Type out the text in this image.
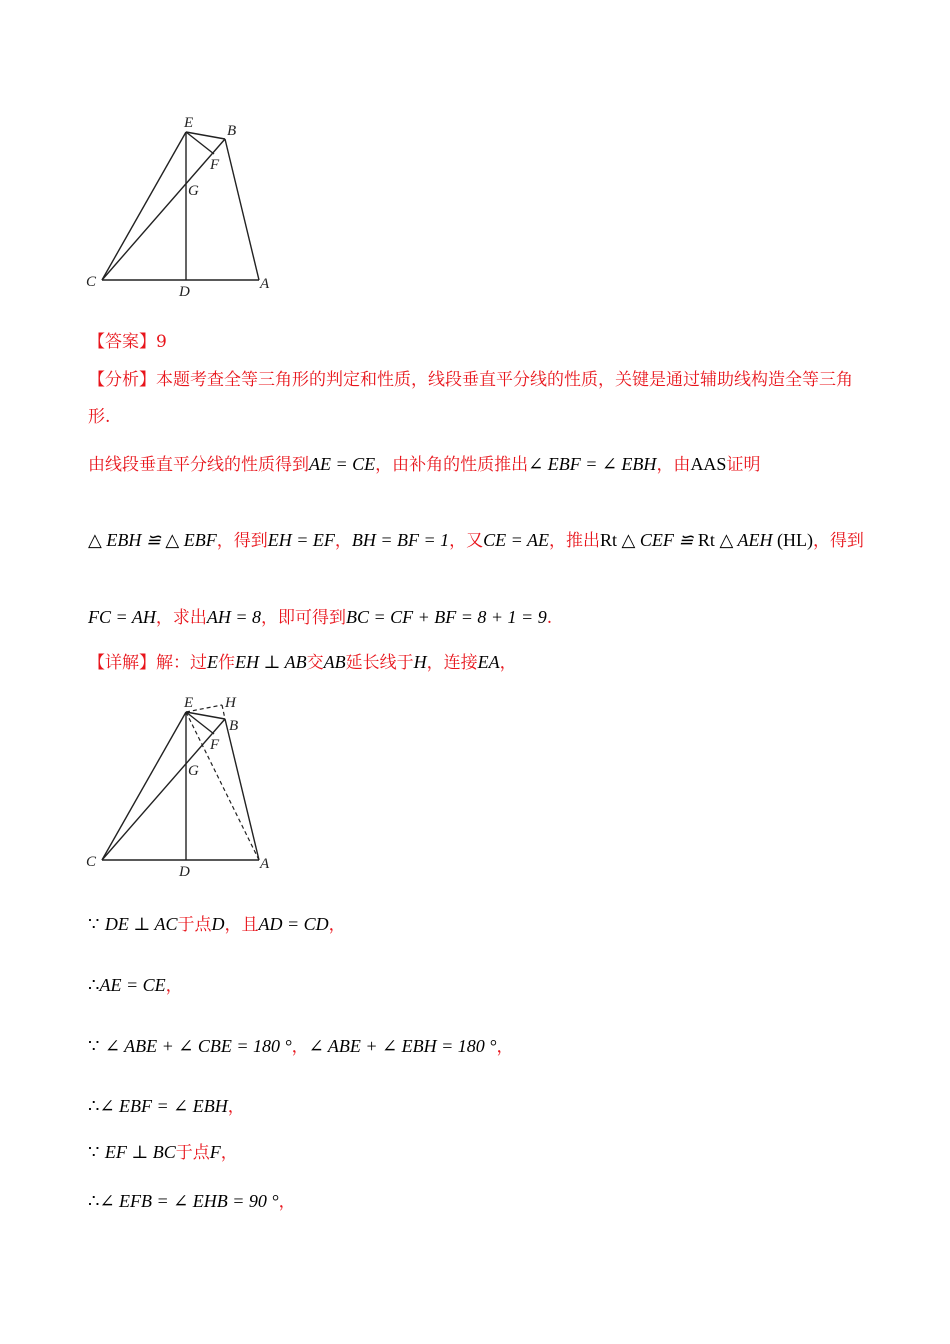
E B
F
G
C
D	A
【答案】9
【分析】本题考查全等三角形的判定和性质，线段垂直平分线的性质，关键是通过辅助线构造全等三角形.
由线段垂直平分线的性质得到AE = CE，由补角的性质推出∠ EBF = ∠ EBH，由AAS证明
△ EBH ≌ △ EBF，得到EH = EF，BH = BF = 1，又CE = AE，推出Rt △ CEF ≌ Rt △ AEH (HL)，得到
FC = AH，求出AH = 8，即可得到BC = CF + BF = 8 + 1 = 9.
【详解】解：过E作EH ⊥ AB交AB延长线于H，连接EA，
E H
B
F
G
C
D	A
∵ DE ⊥ AC于点D，且AD = CD，
∴AE = CE，
∵ ∠ ABE + ∠ CBE = 180 °，∠ ABE + ∠ EBH = 180 °，
∴∠ EBF = ∠ EBH，
∵ EF ⊥ BC于点F，
∴∠ EFB = ∠ EHB = 90 °，
